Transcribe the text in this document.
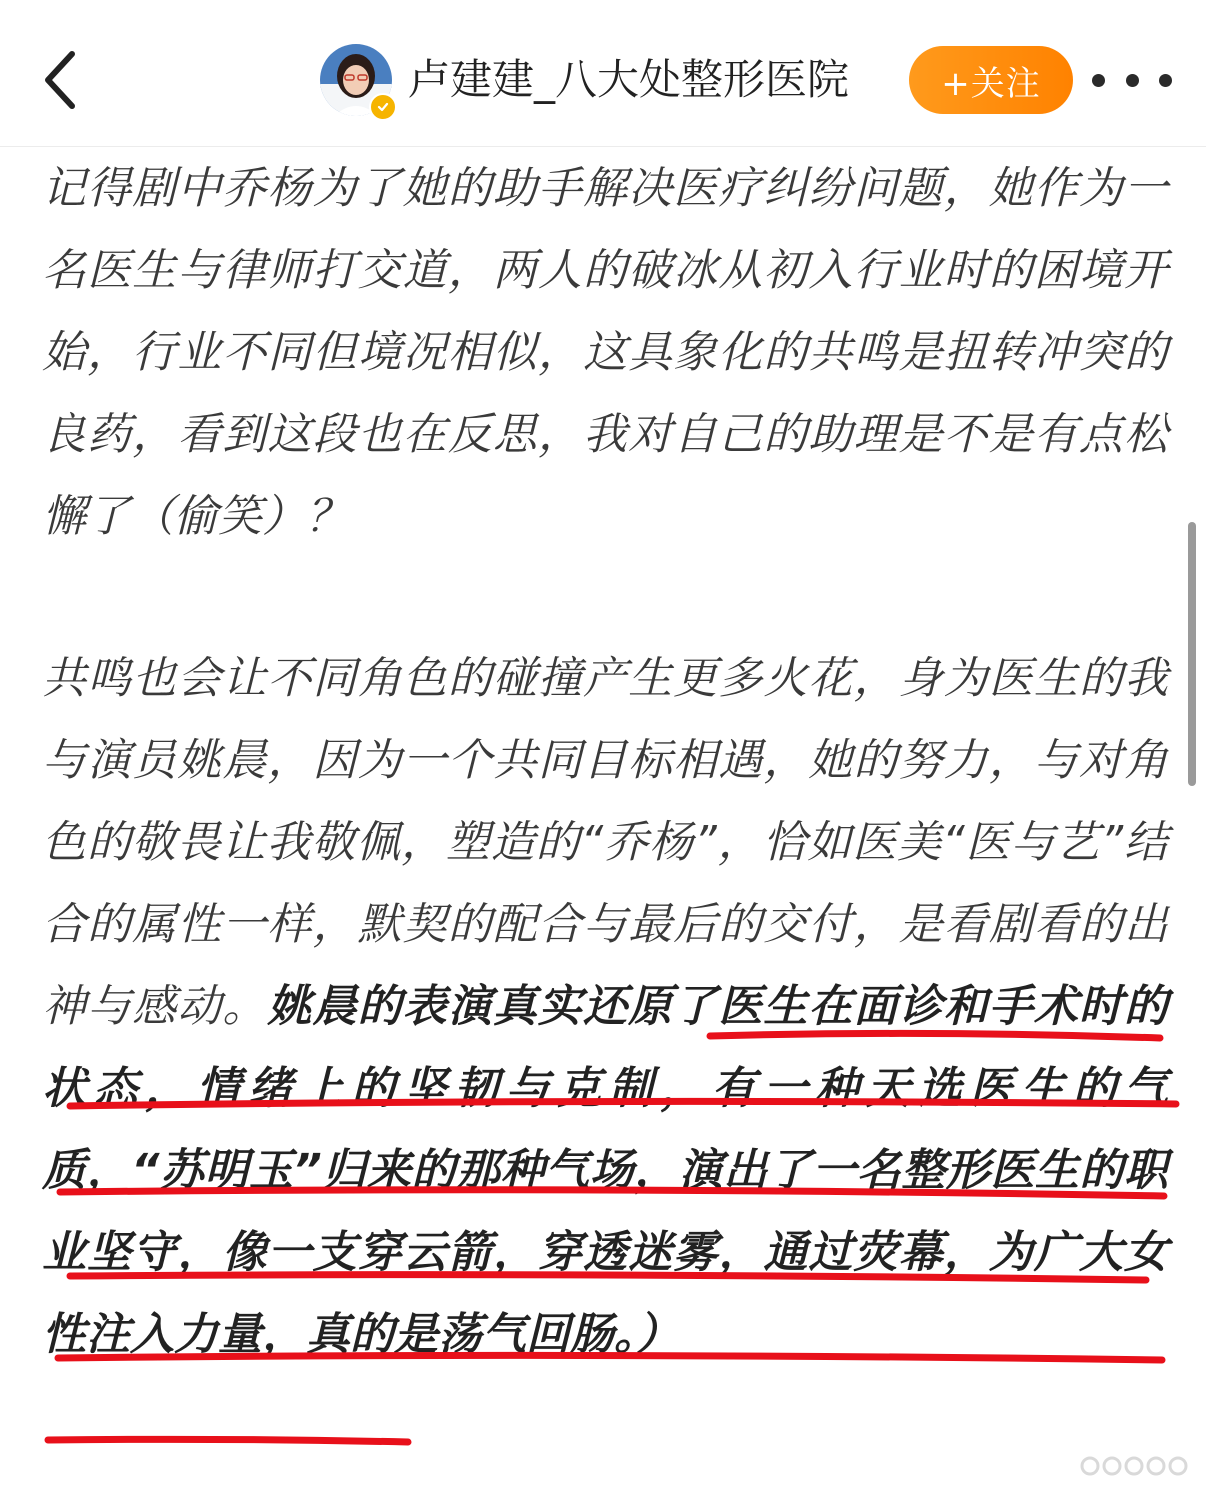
卢建建_八大处整形医院	+关注

记得剧中乔杨为了她的助手解决医疗纠纷问题，她作为一名医生与律师打交道，两人的破冰从初入行业时的困境开始，行业不同但境况相似，这具象化的共鸣是扭转冲突的良药，看到这段也在反思，我对自己的助理是不是有点松懈了（偷笑）？

共鸣也会让不同角色的碰撞产生更多火花，身为医生的我与演员姚晨，因为一个共同目标相遇，她的努力，与对角色的敬畏让我敬佩，塑造的“乔杨”，恰如医美“医与艺”结合的属性一样，默契的配合与最后的交付，是看剧看的出神与感动。姚晨的表演真实还原了医生在面诊和手术时的状态，情绪上的坚韧与克制，有一种天选医生的气质，“苏明玉”归来的那种气场，演出了一名整形医生的职业坚守，像一支穿云箭，穿透迷雾，通过荧幕，为广大女性注入力量，真的是荡气回肠。）
